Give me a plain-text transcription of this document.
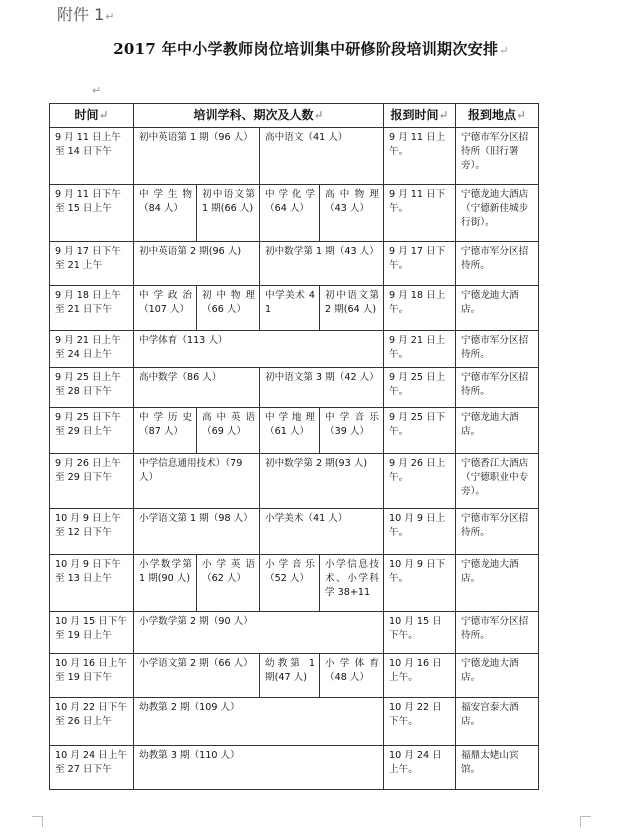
附件 1↵
2017 年中小学教师岗位培训集中研修阶段培训期次安排↵
↵
时间↵	培训学科、期次及人数↵				报到时间↵	报到地点↵
9 月 11 日上午至 14 日下午	初中英语第 1 期（96 人）		高中语文（41 人）		9 月 11 日上午。	宁德市军分区招待所（旧行署旁）。
9 月 11 日下午至 15 日上午	中学生物（84 人）	初中语文第 1 期(66 人)	中学化学（64 人）	高中物理（43 人）	9 月 11 日下午。	宁德龙迪大酒店（宁德新佳城步行街）。
9 月 17 日下午至 21 上午	初中英语第 2 期(96 人)		初中数学第 1 期（43 人）		9 月 17 日下午。	宁德市军分区招待所。
9 月 18 日上午至 21 日下午	中学政治（107 人）	初中物理（66 人）	中学美术 41	初中语文第 2 期(64 人)	9 月 18 日上午。	宁德龙迪大酒店。
9 月 21 日上午至 24 日上午	中学体育（113 人）				9 月 21 日上午。	宁德市军分区招待所。
9 月 25 日上午至 28 日下午	高中数学（86 人）		初中语文第 3 期（42 人）		9 月 25 日上午。	宁德市军分区招待所。
9 月 25 日下午至 29 日上午	中学历史（87 人）	高中英语（69 人）	中学地理（61 人）	中学音乐（39 人）	9 月 25 日下午。	宁德龙迪大酒店。
9 月 26 日上午至 29 日下午	中学信息通用技术）（79 人）		初中数学第 2 期(93 人)		9 月 26 日上午。	宁德香江大酒店（宁德职业中专旁）。
10 月 9 日上午至 12 日下午	小学语文第 1 期（98 人）		小学美术（41 人）		10 月 9 日上午。	宁德市军分区招待所。
10 月 9 日下午至 13 日上午	小学数学第 1 期(90 人)	小学英语（62 人）	小学音乐（52 人）	小学信息技术、小学科学 38+11	10 月 9 日下午。	宁德龙迪大酒店。
10 月 15 日下午至 19 日上午	小学数学第 2 期（90 人）				10 月 15 日下午。	宁德市军分区招待所。
10 月 16 日上午至 19 日下午	小学语文第 2 期（66 人）		幼教第 1 期(47 人)	小学体育（48 人）	10 月 16 日上午。	宁德龙迪大酒店。
10 月 22 日下午至 26 日上午	幼教第 2 期（109 人）				10 月 22 日下午。	福安宫泰大酒店。
10 月 24 日上午至 27 日下午	幼教第 3 期（110 人）				10 月 24 日上午。	福鼎太姥山宾馆。
